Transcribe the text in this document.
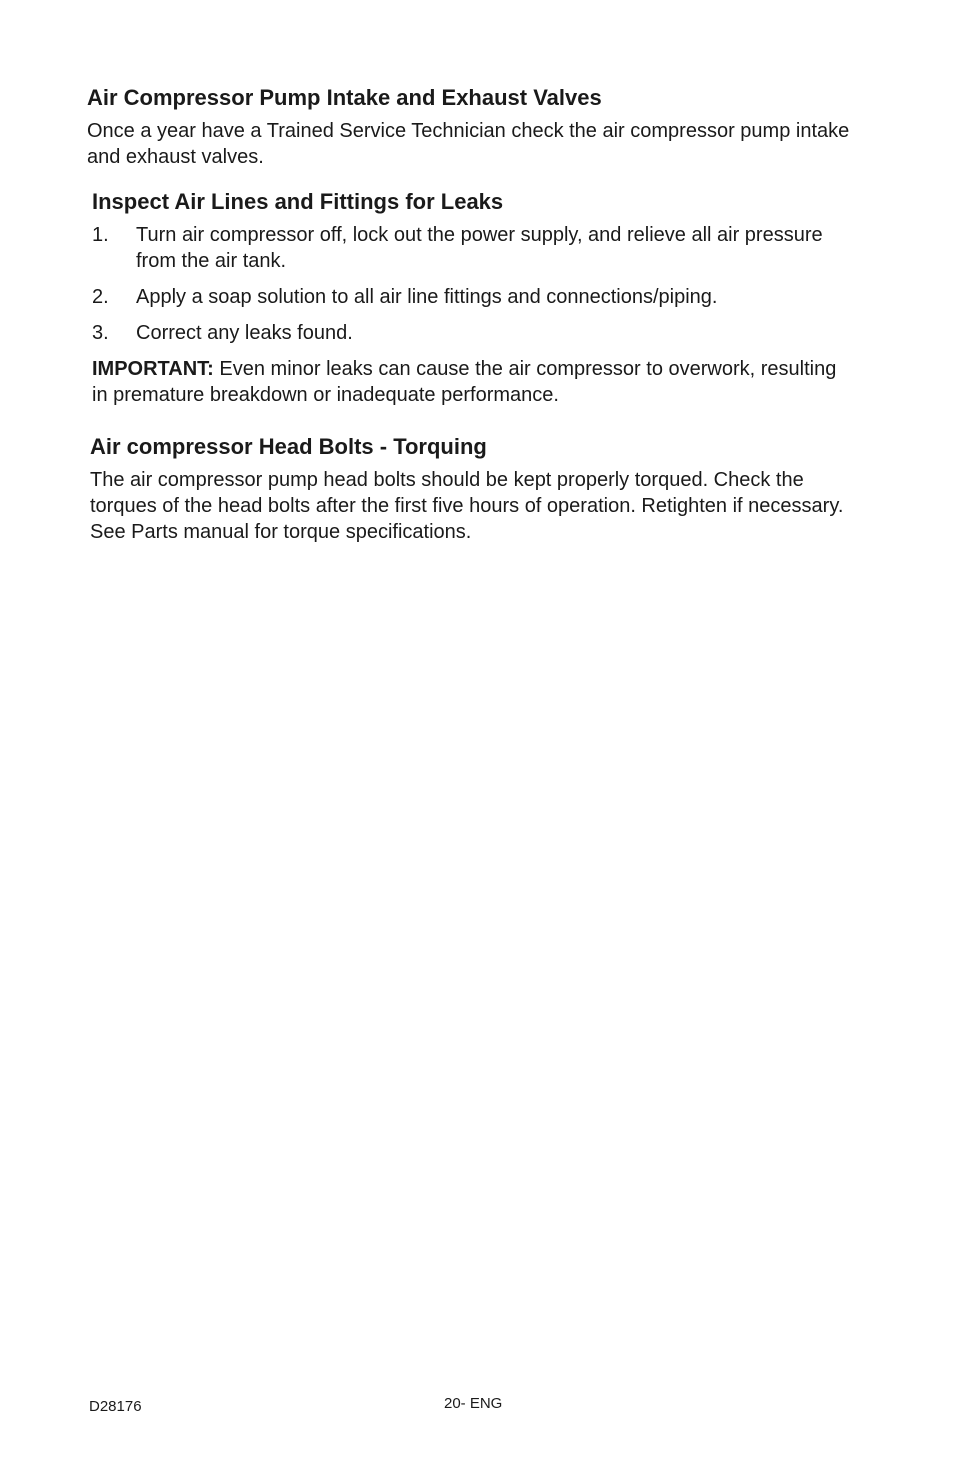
Air Compressor Pump Intake and Exhaust Valves

Once a year have a Trained Service Technician check the air compressor pump intake and exhaust valves.

Inspect Air Lines and Fittings for Leaks
1. Turn air compressor off, lock out the power supply, and relieve all air pressure from the air tank.
2. Apply a soap solution to all air line fittings and connections/piping.
3. Correct any leaks found.

IMPORTANT: Even minor leaks can cause the air compressor to overwork, resulting in premature breakdown or inadequate performance.

Air compressor Head Bolts - Torquing

The air compressor pump head bolts should be kept properly torqued. Check the torques of the head bolts after the first five hours of operation. Retighten if necessary. See Parts manual for torque specifications.

D28176	20- ENG
